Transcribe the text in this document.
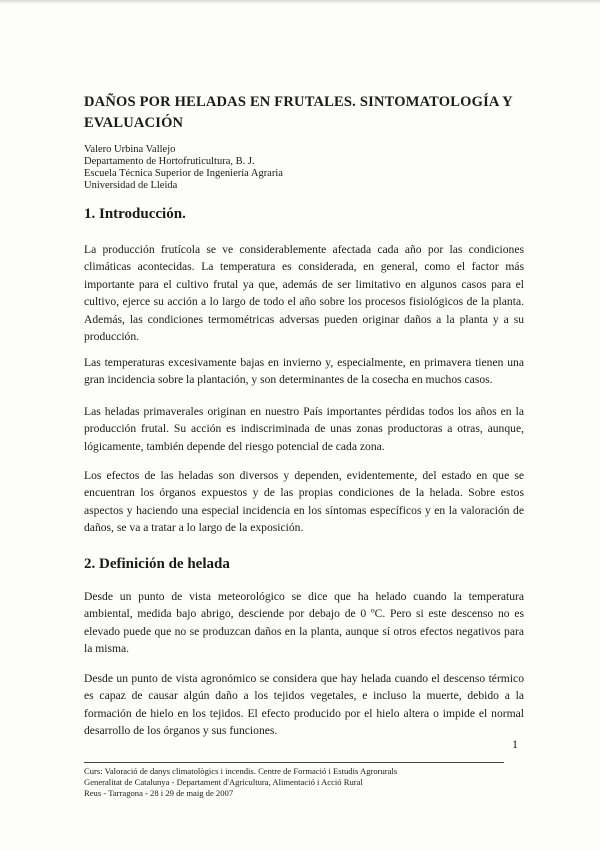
DAÑOS POR HELADAS EN FRUTALES. SINTOMATOLOGÍA Y EVALUACIÓN
Valero Urbina Vallejo
Departamento de Hortofruticultura, B. J.
Escuela Técnica Superior de Ingeniería Agraria
Universidad de Lleida
1. Introducción.

La producción frutícola se ve considerablemente afectada cada año por las condiciones climáticas acontecidas. La temperatura es considerada, en general, como el factor más importante para el cultivo frutal ya que, además de ser limitativo en algunos casos para el cultivo, ejerce su acción a lo largo de todo el año sobre los procesos fisiológicos de la planta. Además, las condiciones termométricas adversas pueden originar daños a la planta y a su producción.

Las temperaturas excesivamente bajas en invierno y, especialmente, en primavera tienen una gran incidencia sobre la plantación, y son determinantes de la cosecha en muchos casos.

Las heladas primaverales originan en nuestro País importantes pérdidas todos los años en la producción frutal. Su acción es indiscriminada de unas zonas productoras a otras, aunque, lógicamente, también depende del riesgo potencial de cada zona.

Los efectos de las heladas son diversos y dependen, evidentemente, del estado en que se encuentran los órganos expuestos y de las propias condiciones de la helada. Sobre estos aspectos y haciendo una especial incidencia en los síntomas específicos y en la valoración de daños, se va a tratar a lo largo de la exposición.

2. Definición de helada

Desde un punto de vista meteorológico se dice que ha helado cuando la temperatura ambiental, medida bajo abrigo, desciende por debajo de 0 ºC. Pero si este descenso no es elevado puede que no se produzcan daños en la planta, aunque sí otros efectos negativos para la misma.

Desde un punto de vista agronómico se considera que hay helada cuando el descenso térmico es capaz de causar algún daño a los tejidos vegetales, e incluso la muerte, debido a la formación de hielo en los tejidos. El efecto producido por el hielo altera o impide el normal desarrollo de los órganos y sus funciones.

1

Curs: Valoració de danys climatològics i incendis. Centre de Formació i Estudis Agrorurals
Generalitat de Catalunya - Departament d'Agricultura, Alimentació i Acció Rural
Reus - Tarragona - 28 i 29 de maig de 2007
